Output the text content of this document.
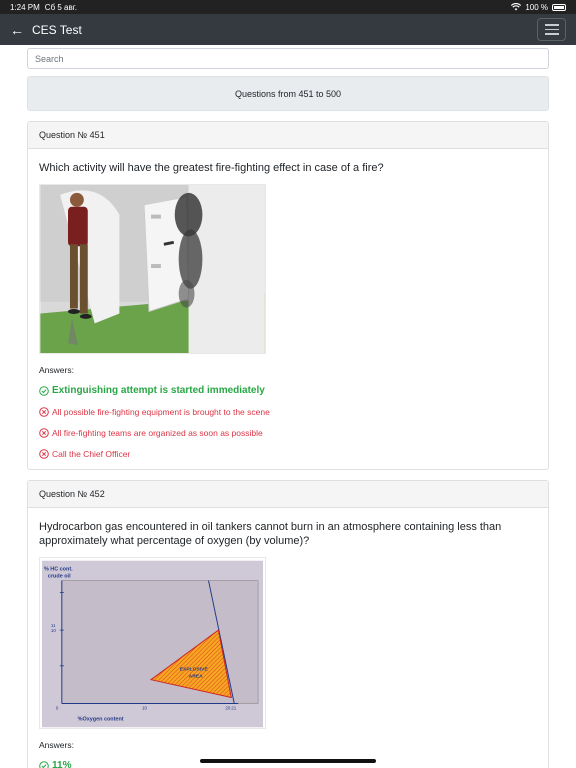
1:24 PM Сб 5 авг.	100 %
← CES Test
Search
Questions from 451 to 500
Question № 451
Which activity will have the greatest fire-fighting effect in case of a fire?
Answers:
Extinguishing attempt is started immediately
All possible fire-fighting equipment is brought to the scene
All fire-fighting teams are organized as soon as possible
Call the Chief Officer
Question № 452
Hydrocarbon gas encountered in oil tankers cannot burn in an atmosphere containing less than approximately what percentage of oxygen (by volume)?
% HC cont.
crude oil
11
10
0	10	20 21
EXPLOSIVE
AREA
%Oxygen content
Answers:
11%
